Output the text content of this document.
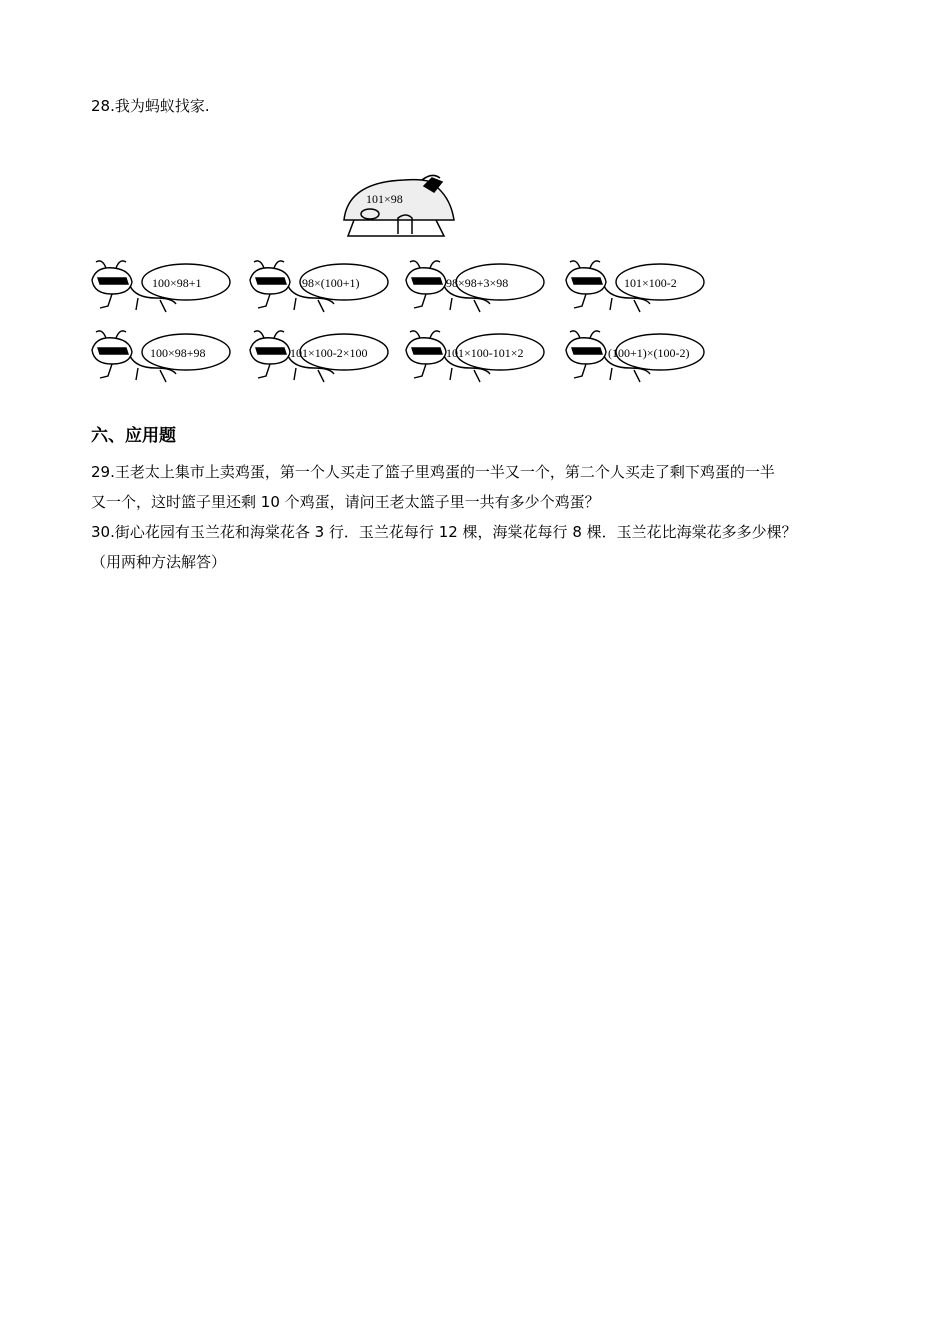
28.我为蚂蚁找家.
101×98
100×98+1	98×(100+1)	98×98+3×98	101×100-2
100×98+98	101×100-2×100	101×100-101×2	(100+1)×(100-2)
六、应用题
29.王老太上集市上卖鸡蛋，第一个人买走了篮子里鸡蛋的一半又一个，第二个人买走了剩下鸡蛋的一半
又一个，这时篮子里还剩 10 个鸡蛋，请问王老太篮子里一共有多少个鸡蛋？
30.街心花园有玉兰花和海棠花各 3 行．玉兰花每行 12 棵，海棠花每行 8 棵．玉兰花比海棠花多多少棵？
（用两种方法解答）
